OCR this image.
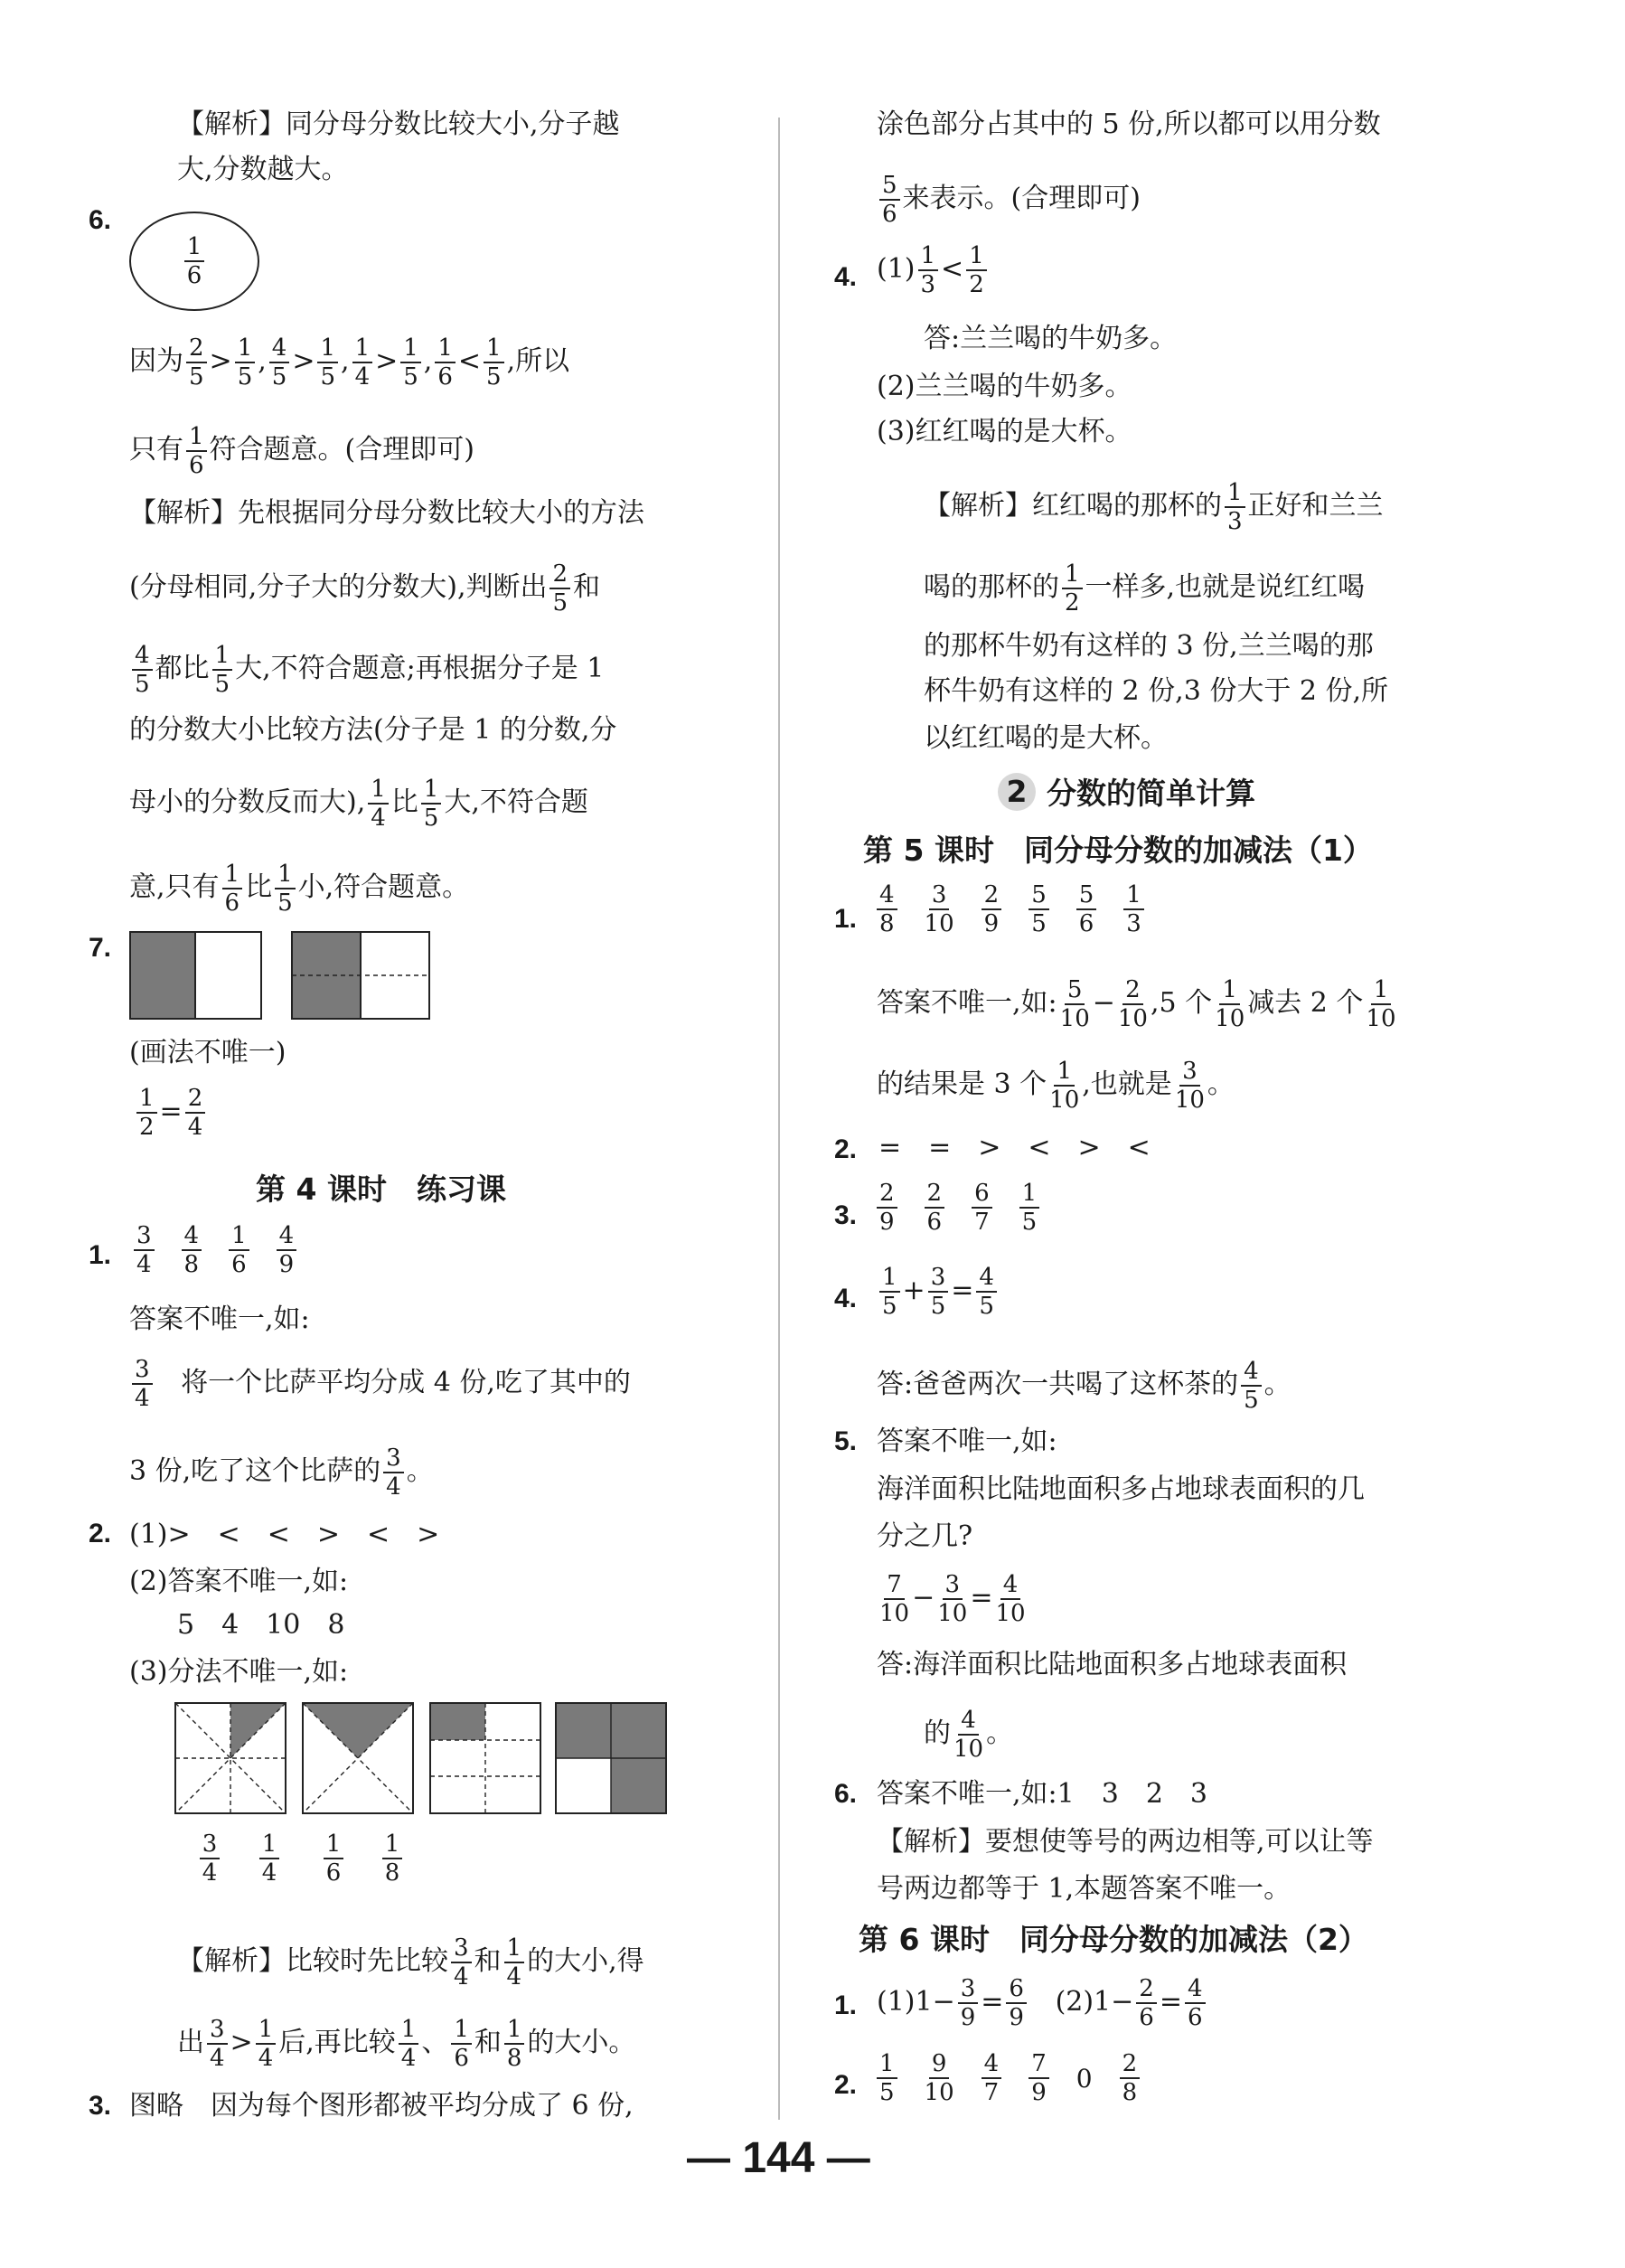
【解析】同分母分数比较大小,分子越
大,分数越大。
6.
$\frac{1}{6}$
因为 $\frac{2}{5} > \frac{1}{5}$ , $\frac{4}{5} > \frac{1}{5}$ , $\frac{1}{4} > \frac{1}{5}$ , $\frac{1}{6} < \frac{1}{5}$ ,所以
只有 $\frac{1}{6}$ 符合题意。(合理即可)
【解析】先根据同分母分数比较大小的方法
(分母相同,分子大的分数大),判断出 $\frac{2}{5}$ 和
$\frac{4}{5}$ 都比 $\frac{1}{5}$ 大,不符合题意;再根据分子是 1
的分数大小比较方法(分子是 1 的分数,分
母小的分数反而大), $\frac{1}{4}$ 比 $\frac{1}{5}$ 大,不符合题
意,只有 $\frac{1}{6}$ 比 $\frac{1}{5}$ 小,符合题意。
7.
(画法不唯一)
$\frac{1}{2} = \frac{2}{4}$
第 4 课时　练习课
1. $\frac{3}{4} \frac{4}{8} \frac{1}{6} \frac{4}{9}$
答案不唯一,如:
$\frac{3}{4}$ 将一个比萨平均分成 4 份,吃了其中的
3 份,吃了这个比萨的 $\frac{3}{4}$ 。
2. (1)>　<　<　>　<　>
(2)答案不唯一,如:
5　4　10　8
(3)分法不唯一,如:
$\frac{3}{4} \frac{1}{4} \frac{1}{6} \frac{1}{8}$
【解析】比较时先比较 $\frac{3}{4}$ 和 $\frac{1}{4}$ 的大小,得
出 $\frac{3}{4} > \frac{1}{4}$ 后,再比较 $\frac{1}{4}$ 、 $\frac{1}{6}$ 和 $\frac{1}{8}$ 的大小。
3. 图略　因为每个图形都被平均分成了 6 份,
涂色部分占其中的 5 份,所以都可以用分数
$\frac{5}{6}$ 来表示。(合理即可)
4. $(1) \frac{1}{3} < \frac{1}{2}$
答:兰兰喝的牛奶多。
(2)兰兰喝的牛奶多。
(3)红红喝的是大杯。
【解析】红红喝的那杯的 $\frac{1}{3}$ 正好和兰兰
喝的那杯的 $\frac{1}{2}$ 一样多,也就是说红红喝
的那杯牛奶有这样的 3 份,兰兰喝的那
杯牛奶有这样的 2 份,3 份大于 2 份,所
以红红喝的是大杯。
2 分数的简单计算
第 5 课时　同分母分数的加减法（1）
1. $\frac{4}{8} \frac{3}{10} \frac{2}{9} \frac{5}{5} \frac{5}{6} \frac{1}{3}$
答案不唯一,如: $\frac{5}{10} - \frac{2}{10} ,5$ 个 $\frac{1}{10}$ 减去 2 个 $\frac{1}{10}$
的结果是 3 个 $\frac{1}{10}$ ,也就是 $\frac{3}{10}$ 。
2. =　=　>　<　>　<
3. $\frac{2}{9} \frac{2}{6} \frac{6}{7} \frac{1}{5}$
4. $\frac{1}{5} + \frac{3}{5} = \frac{4}{5}$
答:爸爸两次一共喝了这杯茶的 $\frac{4}{5}$ 。
5. 答案不唯一,如:
海洋面积比陆地面积多占地球表面积的几
分之几?
$\frac{7}{10} - \frac{3}{10} = \frac{4}{10}$
答:海洋面积比陆地面积多占地球表面积
的 $\frac{4}{10}$ 。
6. 答案不唯一,如:1　3　2　3
【解析】要想使等号的两边相等,可以让等
号两边都等于 1,本题答案不唯一。
第 6 课时　同分母分数的加减法（2）
1. $(1)1- \frac{3}{9} = \frac{6}{9} (2)1- \frac{2}{6} = \frac{4}{6}$
2. $\frac{1}{5} \frac{9}{10} \frac{4}{7} \frac{7}{9} 0 \frac{2}{8}$
— 144 —
